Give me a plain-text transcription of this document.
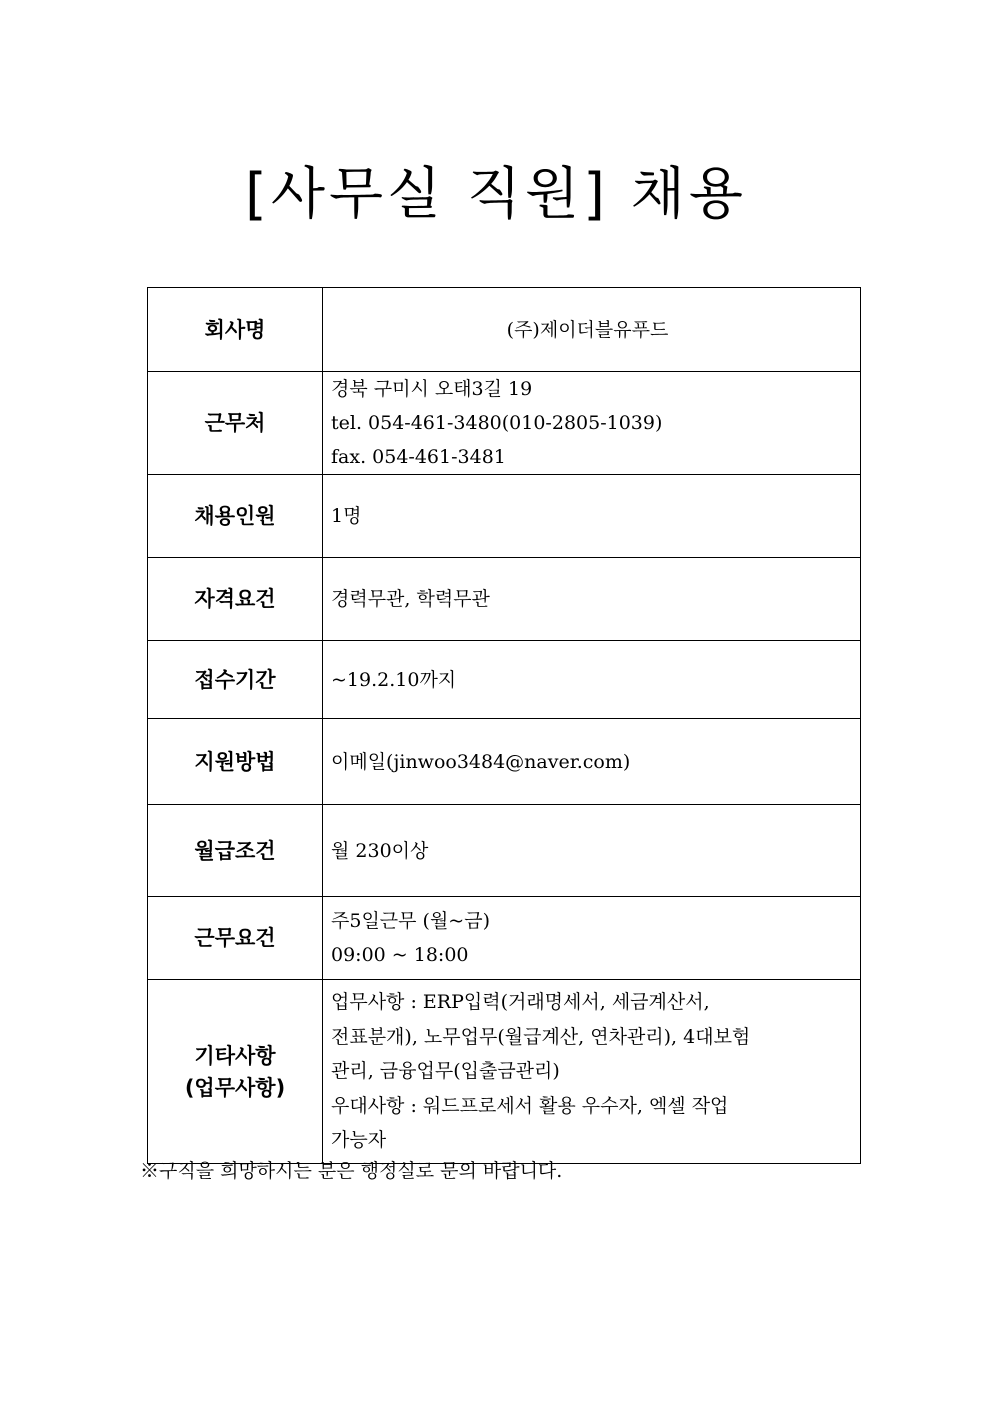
[사무실 직원] 채용
회사명	(주)제이더블유푸드

근무처	경북 구미시 오태3길 19
tel. 054-461-3480(010-2805-1039)
fax. 054-461-3481

채용인원	1명

자격요건	경력무관, 학력무관

접수기간	~19.2.10까지

지원방법	이메일(jinwoo3484@naver.com)

월급조건	월 230이상

근무요건	주5일근무 (월~금)
09:00 ~ 18:00

기타사항
(업무사항)	업무사항 : ERP입력(거래명세서, 세금계산서,
전표분개), 노무업무(월급계산, 연차관리), 4대보험
관리, 금융업무(입출금관리)
우대사항 : 워드프로세서 활용 우수자, 엑셀 작업
가능자
※구직을 희망하시는 분은 행정실로 문의 바랍니다.
